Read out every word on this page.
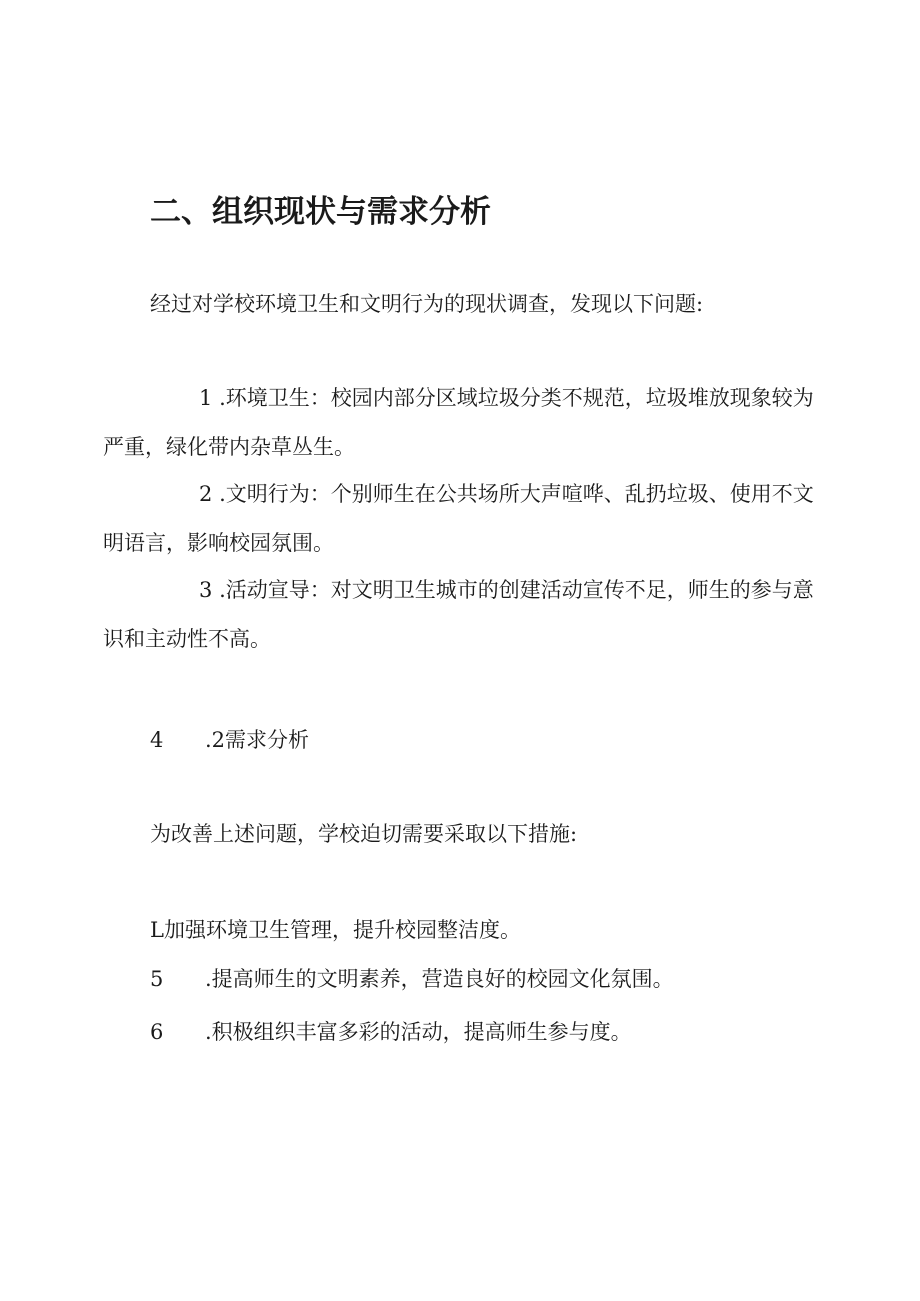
二、组织现状与需求分析
经过对学校环境卫生和文明行为的现状调查，发现以下问题:
1 .环境卫生：校园内部分区域垃圾分类不规范，垃圾堆放现象较为严重，绿化带内杂草丛生。
2 .文明行为：个别师生在公共场所大声喧哗、乱扔垃圾、使用不文明语言，影响校园氛围。
3 .活动宣导：对文明卫生城市的创建活动宣传不足，师生的参与意识和主动性不高。
4 .2需求分析
为改善上述问题，学校迫切需要采取以下措施:
L加强环境卫生管理，提升校园整洁度。
5 .提高师生的文明素养，营造良好的校园文化氛围。
6 .积极组织丰富多彩的活动，提高师生参与度。
